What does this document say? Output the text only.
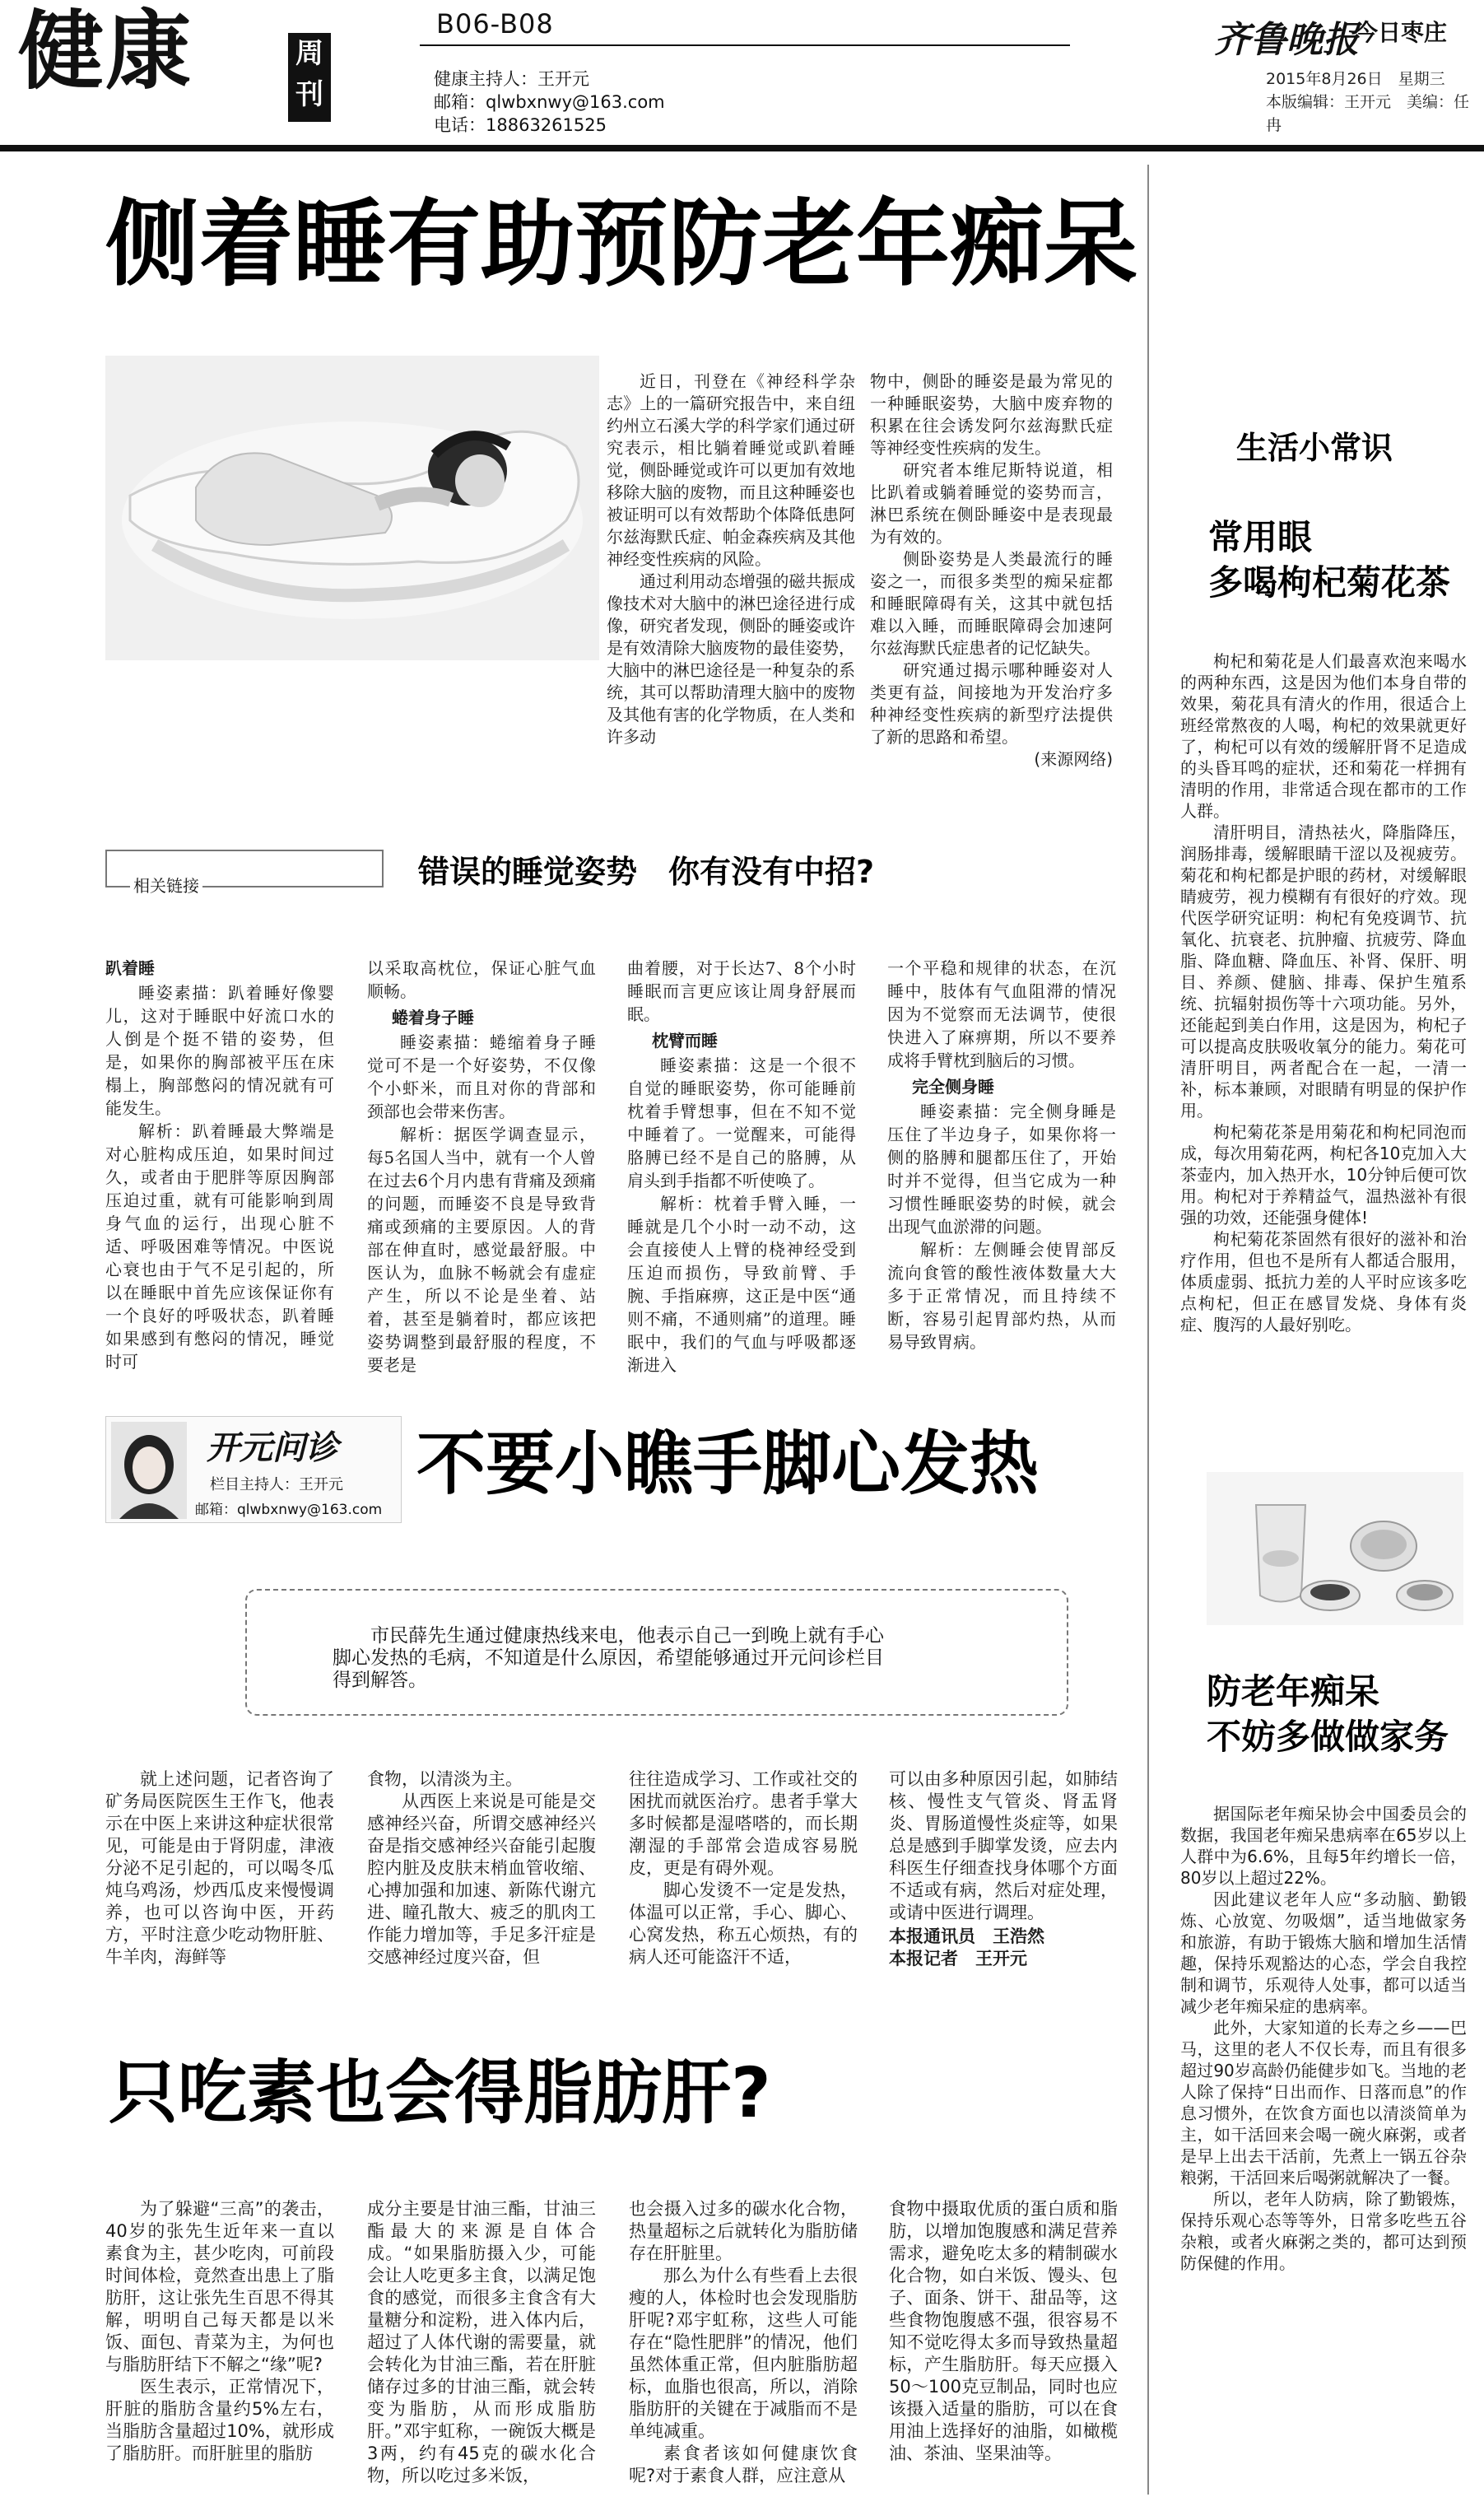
健康	周刊
B06-B08
健康主持人：王开元
邮箱：qlwbxnwy@163.com
电话：18863261525
齐鲁晚报
今日枣庄
2015年8月26日　星期三
本版编辑：王开元　美编：任冉
侧着睡有助预防老年痴呆

近日，刊登在《神经科学杂志》上的一篇研究报告中，来自纽约州立石溪大学的科学家们通过研究表示，相比躺着睡觉或趴着睡觉，侧卧睡觉或许可以更加有效地移除大脑的废物，而且这种睡姿也被证明可以有效帮助个体降低患阿尔兹海默氏症、帕金森疾病及其他神经变性疾病的风险。

通过利用动态增强的磁共振成像技术对大脑中的淋巴途径进行成像，研究者发现，侧卧的睡姿或许是有效清除大脑废物的最佳姿势，大脑中的淋巴途径是一种复杂的系统，其可以帮助清理大脑中的废物及其他有害的化学物质，在人类和许多动

物中，侧卧的睡姿是最为常见的一种睡眠姿势，大脑中废弃物的积累在往会诱发阿尔兹海默氏症等神经变性疾病的发生。

研究者本维尼斯特说道，相比趴着或躺着睡觉的姿势而言，淋巴系统在侧卧睡姿中是表现最为有效的。

侧卧姿势是人类最流行的睡姿之一，而很多类型的痴呆症都和睡眠障碍有关，这其中就包括难以入睡，而睡眠障碍会加速阿尔兹海默氏症患者的记忆缺失。

研究通过揭示哪种睡姿对人类更有益，间接地为开发治疗多种神经变性疾病的新型疗法提供了新的思路和希望。

(来源网络)
相关链接	错误的睡觉姿势　你有没有中招?
趴着睡

睡姿素描：趴着睡好像婴儿，这对于睡眠中好流口水的人倒是个挺不错的姿势，但是，如果你的胸部被平压在床榻上，胸部憋闷的情况就有可能发生。

解析：趴着睡最大弊端是对心脏构成压迫，如果时间过久，或者由于肥胖等原因胸部压迫过重，就有可能影响到周身气血的运行，出现心脏不适、呼吸困难等情况。中医说心衰也由于气不足引起的，所以在睡眠中首先应该保证你有一个良好的呼吸状态，趴着睡如果感到有憋闷的情况，睡觉时可

以采取高枕位，保证心脏气血顺畅。

蜷着身子睡

睡姿素描：蜷缩着身子睡觉可不是一个好姿势，不仅像个小虾米，而且对你的背部和颈部也会带来伤害。

解析：据医学调查显示，每5名国人当中，就有一个人曾在过去6个月内患有背痛及颈痛的问题，而睡姿不良是导致背痛或颈痛的主要原因。人的背部在伸直时，感觉最舒服。中医认为，血脉不畅就会有虚症产生，所以不论是坐着、站着，甚至是躺着时，都应该把姿势调整到最舒服的程度，不要老是

曲着腰，对于长达7、8个小时睡眠而言更应该让周身舒展而眠。

枕臂而睡

睡姿素描：这是一个很不自觉的睡眠姿势，你可能睡前枕着手臂想事，但在不知不觉中睡着了。一觉醒来，可能得胳膊已经不是自己的胳膊，从肩头到手指都不听使唤了。

解析：枕着手臂入睡，一睡就是几个小时一动不动，这会直接使人上臂的桡神经受到压迫而损伤，导致前臂、手腕、手指麻痹，这正是中医“通则不痛，不通则痛”的道理。睡眠中，我们的气血与呼吸都逐渐进入

一个平稳和规律的状态，在沉睡中，肢体有气血阻滞的情况因为不觉察而无法调节，使很快进入了麻痹期，所以不要养成将手臂枕到脑后的习惯。

完全侧身睡

睡姿素描：完全侧身睡是压住了半边身子，如果你将一侧的胳膊和腿都压住了，开始时并不觉得，但当它成为一种习惯性睡眠姿势的时候，就会出现气血淤滞的问题。

解析：左侧睡会使胃部反流向食管的酸性液体数量大大多于正常情况，而且持续不断，容易引起胃部灼热，从而易导致胃病。

开元问诊
栏目主持人：王开元
邮箱：qlwbxnwy@163.com
不要小瞧手脚心发热
市民薛先生通过健康热线来电，他表示自己一到晚上就有手心脚心发热的毛病，不知道是什么原因，希望能够通过开元问诊栏目得到解答。

就上述问题，记者咨询了矿务局医院医生王作飞，他表示在中医上来讲这种症状很常见，可能是由于肾阴虚，津液分泌不足引起的，可以喝冬瓜炖乌鸡汤，炒西瓜皮来慢慢调养，也可以咨询中医，开药方，平时注意少吃动物肝脏、牛羊肉，海鲜等

食物，以清淡为主。

从西医上来说是可能是交感神经兴奋，所谓交感神经兴奋是指交感神经兴奋能引起腹腔内脏及皮肤末梢血管收缩、心搏加强和加速、新陈代谢亢进、瞳孔散大、疲乏的肌肉工作能力增加等，手足多汗症是交感神经过度兴奋，但

往往造成学习、工作或社交的困扰而就医治疗。患者手掌大多时候都是湿嗒嗒的，而长期潮湿的手部常会造成容易脱皮，更是有碍外观。

脚心发烫不一定是发热，体温可以正常，手心、脚心、心窝发热，称五心烦热，有的病人还可能盗汗不适，

可以由多种原因引起，如肺结核、慢性支气管炎、肾盂肾炎、胃肠道慢性炎症等，如果总是感到手脚掌发烫，应去内科医生仔细查找身体哪个方面不适或有病，然后对症处理，或请中医进行调理。

本报通讯员　王浩然
本报记者　王开元
只吃素也会得脂肪肝?

为了躲避“三高”的袭击，40岁的张先生近年来一直以素食为主，甚少吃肉，可前段时间体检，竟然查出患上了脂肪肝，这让张先生百思不得其解，明明自己每天都是以米饭、面包、青菜为主，为何也与脂肪肝结下不解之“缘”呢?

医生表示，正常情况下，肝脏的脂肪含量约5%左右，当脂肪含量超过10%，就形成了脂肪肝。而肝脏里的脂肪

成分主要是甘油三酯，甘油三酯最大的来源是自体合成。“如果脂肪摄入少，可能会让人吃更多主食，以满足饱食的感觉，而很多主食含有大量糖分和淀粉，进入体内后，超过了人体代谢的需要量，就会转化为甘油三酯，若在肝脏储存过多的甘油三酯，就会转变为脂肪，从而形成脂肪肝。”邓宇虹称，一碗饭大概是3两，约有45克的碳水化合物，所以吃过多米饭，

也会摄入过多的碳水化合物，热量超标之后就转化为脂肪储存在肝脏里。

那么为什么有些看上去很瘦的人，体检时也会发现脂肪肝呢?邓宇虹称，这些人可能存在“隐性肥胖”的情况，他们虽然体重正常，但内脏脂肪超标，血脂也很高，所以，消除脂肪肝的关键在于减脂而不是单纯减重。

素食者该如何健康饮食呢?对于素食人群，应注意从

食物中摄取优质的蛋白质和脂肪，以增加饱腹感和满足营养需求，避免吃太多的精制碳水化合物，如白米饭、馒头、包子、面条、饼干、甜品等，这些食物饱腹感不强，很容易不知不觉吃得太多而导致热量超标，产生脂肪肝。每天应摄入50～100克豆制品，同时也应该摄入适量的脂肪，可以在食用油上选择好的油脂，如橄榄油、茶油、坚果油等。

生活小常识
常用眼
多喝枸杞菊花茶

枸杞和菊花是人们最喜欢泡来喝水的两种东西，这是因为他们本身自带的效果，菊花具有清火的作用，很适合上班经常熬夜的人喝，枸杞的效果就更好了，枸杞可以有效的缓解肝肾不足造成的头昏耳鸣的症状，还和菊花一样拥有清明的作用，非常适合现在都市的工作人群。

清肝明目，清热祛火，降脂降压，润肠排毒，缓解眼睛干涩以及视疲劳。菊花和枸杞都是护眼的药材，对缓解眼睛疲劳，视力模糊有有很好的疗效。现代医学研究证明：枸杞有免疫调节、抗氧化、抗衰老、抗肿瘤、抗疲劳、降血脂、降血糖、降血压、补肾、保肝、明目、养颜、健脑、排毒、保护生殖系统、抗辐射损伤等十六项功能。另外，还能起到美白作用，这是因为，枸杞子可以提高皮肤吸收氧分的能力。菊花可清肝明目，两者配合在一起，一清一补，标本兼顾，对眼睛有明显的保护作用。

枸杞菊花茶是用菊花和枸杞同泡而成，每次用菊花两，枸杞各10克加入大茶壶内，加入热开水，10分钟后便可饮用。枸杞对于养精益气，温热滋补有很强的功效，还能强身健体!

枸杞菊花茶固然有很好的滋补和治疗作用，但也不是所有人都适合服用，体质虚弱、抵抗力差的人平时应该多吃点枸杞，但正在感冒发烧、身体有炎症、腹泻的人最好别吃。

防老年痴呆
不妨多做做家务

据国际老年痴呆协会中国委员会的数据，我国老年痴呆患病率在65岁以上人群中为6.6%，且每5年约增长一倍，80岁以上超过22%。

因此建议老年人应“多动脑、勤锻炼、心放宽、勿吸烟”，适当地做家务和旅游，有助于锻炼大脑和增加生活情趣，保持乐观豁达的心态，学会自我控制和调节，乐观待人处事，都可以适当减少老年痴呆症的患病率。

此外，大家知道的长寿之乡——巴马，这里的老人不仅长寿，而且有很多超过90岁高龄仍能健步如飞。当地的老人除了保持“日出而作、日落而息”的作息习惯外，在饮食方面也以清淡简单为主，如干活回来会喝一碗火麻粥，或者是早上出去干活前，先煮上一锅五谷杂粮粥，干活回来后喝粥就解决了一餐。

所以，老年人防病，除了勤锻炼，保持乐观心态等等外，日常多吃些五谷杂粮，或者火麻粥之类的，都可达到预防保健的作用。
